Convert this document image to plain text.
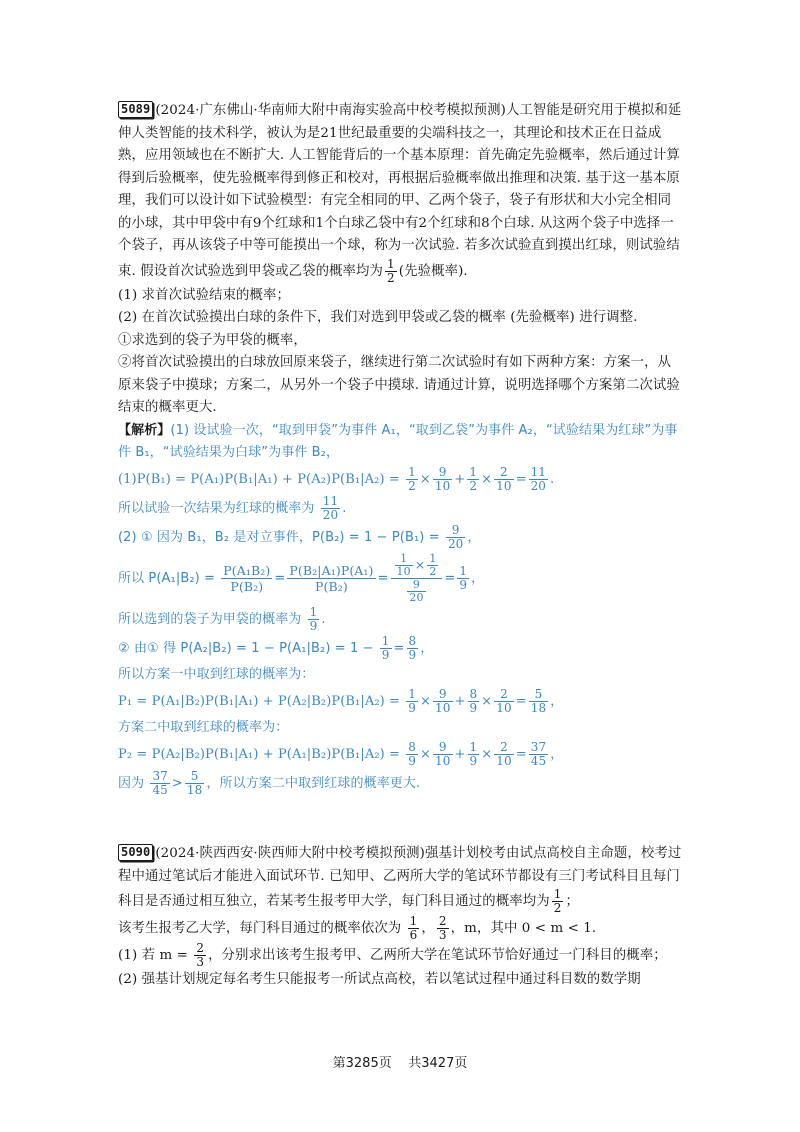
5089 (2024·广东佛山·华南师大附中南海实验高中校考模拟预测)人工智能是研究用于模拟和延伸人类智能的技术科学，被认为是21世纪最重要的尖端科技之一，其理论和技术正在日益成熟，应用领域也在不断扩大. 人工智能背后的一个基本原理：首先确定先验概率，然后通过计算得到后验概率，使先验概率得到修正和校对，再根据后验概率做出推理和决策. 基于这一基本原理，我们可以设计如下试验模型：有完全相同的甲、乙两个袋子，袋子有形状和大小完全相同的小球，其中甲袋中有9个红球和1个白球乙袋中有2个红球和8个白球. 从这两个袋子中选择一个袋子，再从该袋子中等可能摸出一个球，称为一次试验. 若多次试验直到摸出红球，则试验结束. 假设首次试验选到甲袋或乙袋的概率均为 $\frac{1}{2}$ (先验概率).
(1) 求首次试验结束的概率；
(2) 在首次试验摸出白球的条件下，我们对选到甲袋或乙袋的概率 (先验概率) 进行调整.
①求选到的袋子为甲袋的概率，
②将首次试验摸出的白球放回原来袋子，继续进行第二次试验时有如下两种方案：方案一，从原来袋子中摸球；方案二，从另外一个袋子中摸球. 请通过计算，说明选择哪个方案第二次试验结束的概率更大.
【解析】(1) 设试验一次，“取到甲袋”为事件 A₁，“取到乙袋”为事件 A₂，“试验结果为红球”为事件 B₁，“试验结果为白球”为事件 B₂，
$(1)P(B_1) = P(A_1)P(B_1|A_1) + P(A_2)P(B_1|A_2) = \frac{1}{2} \times \frac{9}{10} + \frac{1}{2} \times \frac{2}{10} = \frac{11}{20}$ .
所以试验一次结果为红球的概率为 $\frac{11}{20}$ .
(2) ① 因为 B₁，B₂ 是对立事件，$P(B_2) = 1 - P(B_1) = \frac{9}{20}$ ，
所以 $P(A_1|B_2) = \frac{\text{P(A₁B₂)}}{\text{P(B₂)}} = \frac{\text{P(B₂|A₁)P(A₁)}}{\text{P(B₂)}} = \frac{\frac{1}{10} \times \frac{1}{2}}{\frac{9}{20}} = \frac{1}{9}$ ，
所以选到的袋子为甲袋的概率为 $\frac{1}{9}$ .
② 由① 得 $P(A_2|B_2) = 1 - P(A_1|B_2) = 1 - \frac{1}{9} = \frac{8}{9}$ ，
所以方案一中取到红球的概率为：
$P_1 = P(A_1|B_2)P(B_1|A_1) + P(A_2|B_2)P(B_1|A_2) = \frac{1}{9} \times \frac{9}{10} + \frac{8}{9} \times \frac{2}{10} = \frac{5}{18}$ ，
方案二中取到红球的概率为：
$P_2 = P(A_2|B_2)P(B_1|A_1) + P(A_1|B_2)P(B_1|A_2) = \frac{8}{9} \times \frac{9}{10} + \frac{1}{9} \times \frac{2}{10} = \frac{37}{45}$ ，
因为 $\frac{37}{45} > \frac{5}{18}$ ，所以方案二中取到红球的概率更大.
5090 (2024·陕西西安·陕西师大附中校考模拟预测)强基计划校考由试点高校自主命题，校考过程中通过笔试后才能进入面试环节. 已知甲、乙两所大学的笔试环节都设有三门考试科目且每门科目是否通过相互独立，若某考生报考甲大学，每门科目通过的概率均为 $\frac{1}{2}$ ；
该考生报考乙大学，每门科目通过的概率依次为 $\frac{1}{6}$ ， $\frac{2}{3}$ ，m，其中 0 < m < 1.
(1) 若 $m = \frac{2}{3}$ ，分别求出该考生报考甲、乙两所大学在笔试环节恰好通过一门科目的概率；
(2) 强基计划规定每名考生只能报考一所试点高校，若以笔试过程中通过科目数的数学期
第3285页 共3427页
